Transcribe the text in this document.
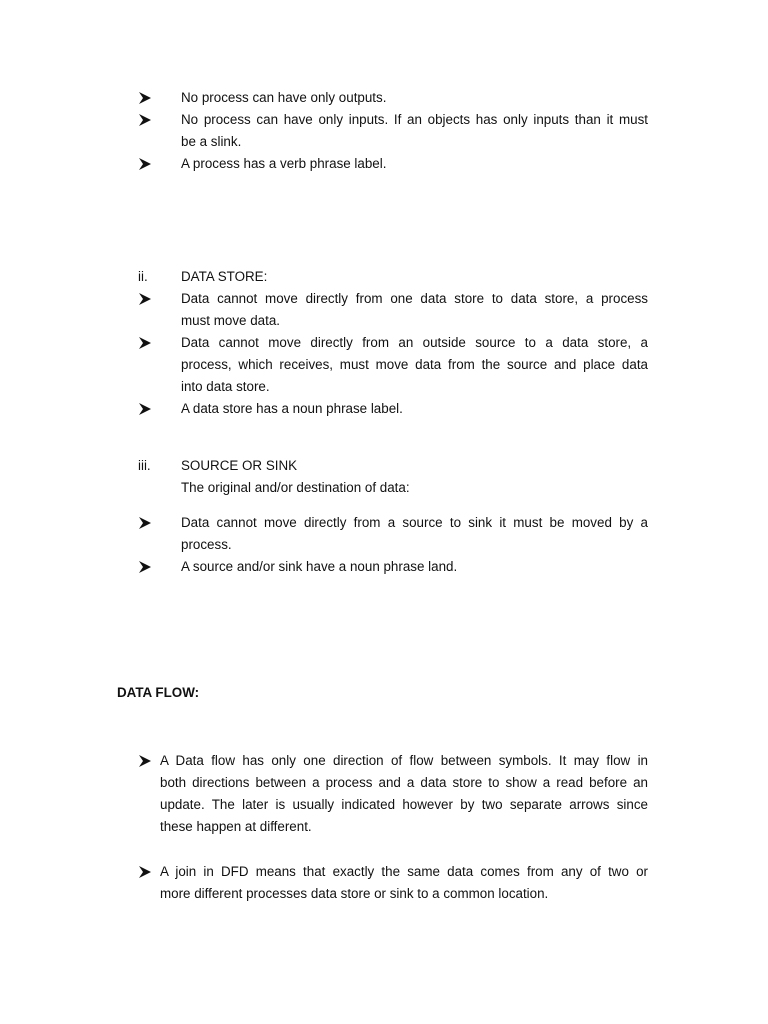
No process can have only outputs.
No process can have only inputs. If an objects has only inputs than it must
be a slink.
A process has a verb phrase label.
ii. DATA STORE:
Data cannot move directly from one data store to data store, a process
must move data.
Data cannot move directly from an outside source to a data store, a
process, which receives, must move data from the source and place data
into data store.
A data store has a noun phrase label.
iii. SOURCE OR SINK
The original and/or destination of data:
Data cannot move directly from a source to sink it must be moved by a
process.
A source and/or sink have a noun phrase land.
DATA FLOW:
A Data flow has only one direction of flow between symbols. It may flow in
both directions between a process and a data store to show a read before an
update. The later is usually indicated however by two separate arrows since
these happen at different.
A join in DFD means that exactly the same data comes from any of two or
more different processes data store or sink to a common location.
